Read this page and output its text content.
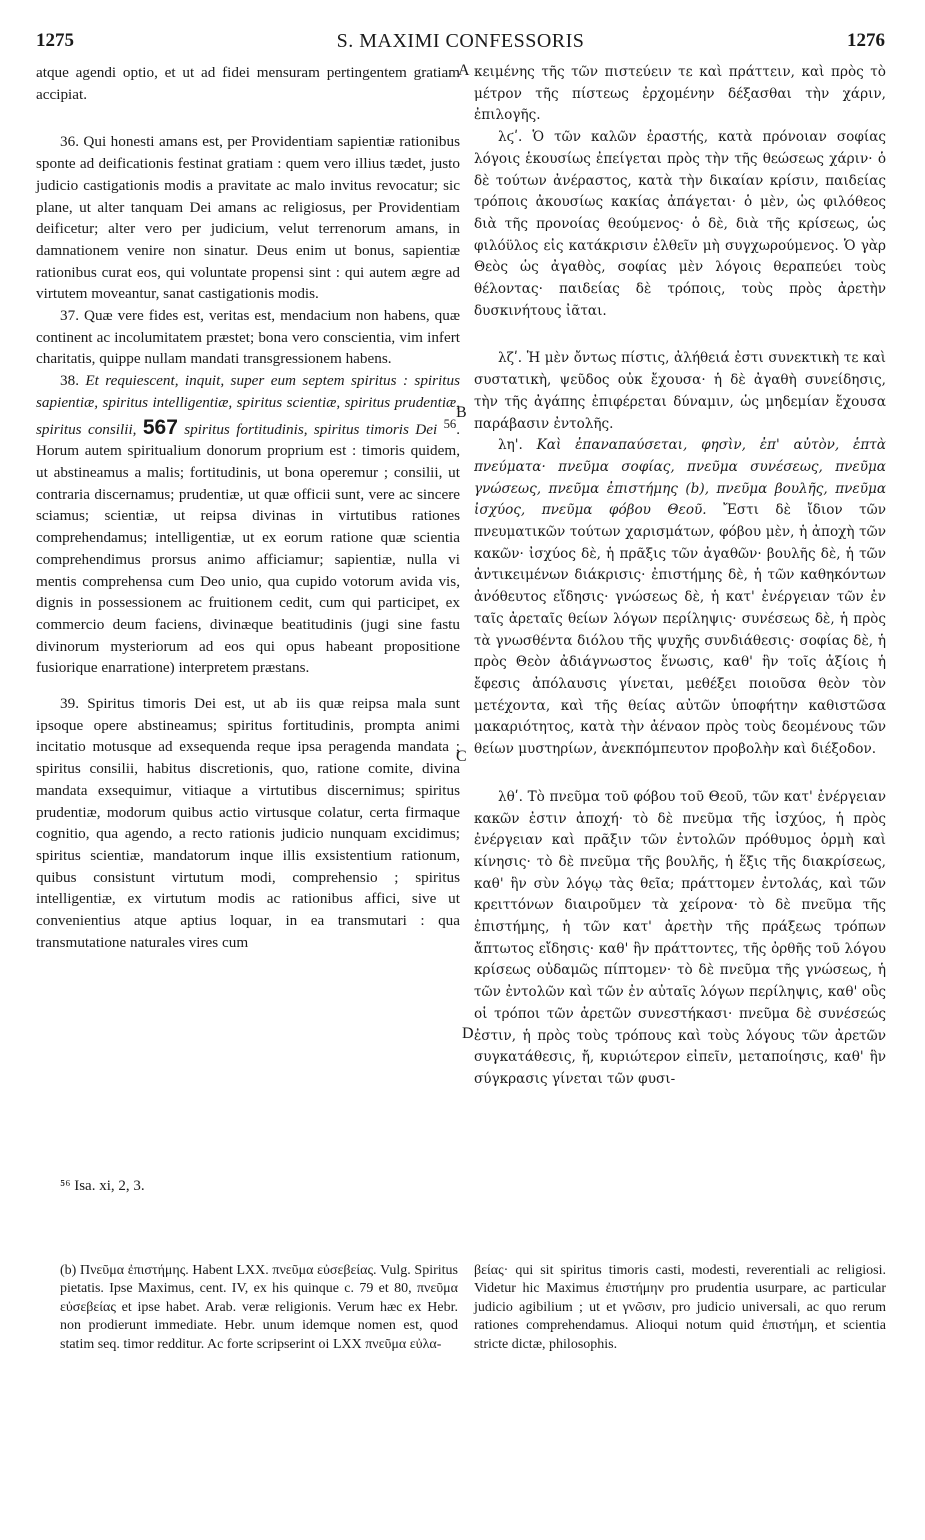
1275	S. MAXIMI CONFESSORIS	1276
A
B
C
D

atque agendi optio, et ut ad fidei mensuram pertingentem gratiam accipiat.

36. Qui honesti amans est, per Providentiam sapientiæ rationibus sponte ad deificationis festinat gratiam : quem vero illius tædet, justo judicio castigationis modis a pravitate ac malo invitus revocatur; sic plane, ut alter tanquam Dei amans ac religiosus, per Providentiam deificetur; alter vero per judicium, velut terrenorum amans, in damnationem venire non sinatur. Deus enim ut bonus, sapientiæ rationibus curat eos, qui voluntate propensi sint : qui autem ægre ad virtutem moveantur, sanat castigationis modis.

37. Quæ vere fides est, veritas est, mendacium non habens, quæ continent ac incolumitatem præstet; bona vero conscientia, vim infert charitatis, quippe nullam mandati transgressionem habens.

38. Et requiescent, inquit, super eum septem spiritus : spiritus sapientiæ, spiritus intelligentiæ, spiritus scientiæ, spiritus prudentiæ, spiritus consilii, 567 spiritus fortitudinis, spiritus timoris Dei $^{56}$. Horum autem spiritualium donorum proprium est : timoris quidem, ut abstineamus a malis; fortitudinis, ut bona operemur ; consilii, ut contraria discernamus; prudentiæ, ut quæ officii sunt, vere ac sincere sciamus; scientiæ, ut reipsa divinas in virtutibus rationes comprehendamus; intelligentiæ, ut ex eorum ratione quæ scientia comprehendimus prorsus animo afficiamur; sapientiæ, nulla vi mentis comprehensa cum Deo unio, qua cupido votorum avida vis, dignis in possessionem ac fruitionem cedit, cum qui participet, ex commercio deum faciens, divinæque beatitudinis (jugi sine fastu divinorum mysteriorum ad eos qui opus habeant propositione fusiorique enarratione) interpretem præstans.

39. Spiritus timoris Dei est, ut ab iis quæ reipsa mala sunt ipsoque opere abstineamus; spiritus fortitudinis, prompta animi incitatio motusque ad exsequenda reque ipsa peragenda mandata ; spiritus consilii, habitus discretionis, quo, ratione comite, divina mandata exsequimur, vitiaque a virtutibus discernimus; spiritus prudentiæ, modorum quibus actio virtusque colatur, certa firmaque cognitio, qua agendo, a recto rationis judicio nunquam excidimus; spiritus scientiæ, mandatorum inque illis exsistentium rationum, quibus consistunt virtutum modi, comprehensio ; spiritus intelligentiæ, ex virtutum modis ac rationibus affici, sive ut convenientius atque aptius loquar, in ea transmutari : qua transmutatione naturales vires cum

κειμένης τῆς τῶν πιστεύειν τε καὶ πράττειν, καὶ πρὸς τὸ μέτρον τῆς πίστεως ἐρχομένην δέξασθαι τὴν χάριν, ἐπιλογῆς.

λϛʹ. Ὁ τῶν καλῶν ἐραστής, κατὰ πρόνοιαν σοφίας λόγοις ἑκουσίως ἐπείγεται πρὸς τὴν τῆς θεώσεως χάριν· ὁ δὲ τούτων ἀνέραστος, κατὰ τὴν δικαίαν κρίσιν, παιδείας τρόποις ἀκουσίως κακίας ἀπάγεται· ὁ μὲν, ὡς φιλόθεος διὰ τῆς προνοίας θεούμενος· ὁ δὲ, διὰ τῆς κρίσεως, ὡς φιλόϋλος εἰς κατάκρισιν ἐλθεῖν μὴ συγχωρούμενος. Ὁ γὰρ Θεὸς ὡς ἀγαθὸς, σοφίας μὲν λόγοις θεραπεύει τοὺς θέλοντας· παιδείας δὲ τρόποις, τοὺς πρὸς ἀρετὴν δυσκινήτους ἰᾶται.

λζʹ. Ἡ μὲν ὄντως πίστις, ἀλήθειά ἐστι συνεκτικὴ τε καὶ συστατικὴ, ψεῦδος οὐκ ἔχουσα· ἡ δὲ ἀγαθὴ συνείδησις, τὴν τῆς ἀγάπης ἐπιφέρεται δύναμιν, ὡς μηδεμίαν ἔχουσα παράβασιν ἐντολῆς.

λη'. Καὶ ἐπαναπαύσεται, φησὶν, ἐπ' αὐτὸν, ἑπτὰ πνεύματα· πνεῦμα σοφίας, πνεῦμα συνέσεως, πνεῦμα γνώσεως, πνεῦμα ἐπιστήμης (b), πνεῦμα βουλῆς, πνεῦμα ἰσχύος, πνεῦμα φόβου Θεοῦ. Ἔστι δὲ ἴδιον τῶν πνευματικῶν τούτων χαρισμάτων, φόβου μὲν, ἡ ἀποχὴ τῶν κακῶν· ἰσχύος δὲ, ἡ πρᾶξις τῶν ἀγαθῶν· βουλῆς δὲ, ἡ τῶν ἀντικειμένων διάκρισις· ἐπιστήμης δὲ, ἡ τῶν καθηκόντων ἀνόθευτος εἴδησις· γνώσεως δὲ, ἡ κατ' ἐνέργειαν τῶν ἐν ταῖς ἀρεταῖς θείων λόγων περίληψις· συνέσεως δὲ, ἡ πρὸς τὰ γνωσθέντα διόλου τῆς ψυχῆς συνδιάθεσις· σοφίας δὲ, ἡ πρὸς Θεὸν ἀδιάγνωστος ἕνωσις, καθ' ἣν τοῖς ἀξίοις ἡ ἔφεσις ἀπόλαυσις γίνεται, μεθέξει ποιοῦσα θεὸν τὸν μετέχοντα, καὶ τῆς θείας αὐτῶν ὑποφήτην καθιστῶσα μακαριότητος, κατὰ τὴν ἀέναον πρὸς τοὺς δεομένους τῶν θείων μυστηρίων, ἀνεκπόμπευτον προβολὴν καὶ διέξοδον.

λθʹ. Τὸ πνεῦμα τοῦ φόβου τοῦ Θεοῦ, τῶν κατ' ἐνέργειαν κακῶν ἐστιν ἀποχή· τὸ δὲ πνεῦμα τῆς ἰσχύος, ἡ πρὸς ἐνέργειαν καὶ πρᾶξιν τῶν ἐντολῶν πρόθυμος ὁρμὴ καὶ κίνησις· τὸ δὲ πνεῦμα τῆς βουλῆς, ἡ ἕξις τῆς διακρίσεως, καθ' ἣν σὺν λόγῳ τὰς θεῖα; πράττομεν ἐντολάς, καὶ τῶν κρειττόνων διαιροῦμεν τὰ χείρονα· τὸ δὲ πνεῦμα τῆς ἐπιστήμης, ἡ τῶν κατ' ἀρετὴν τῆς πράξεως τρόπων ἄπτωτος εἴδησις· καθ' ἣν πράττοντες, τῆς ὀρθῆς τοῦ λόγου κρίσεως οὐδαμῶς πίπτομεν· τὸ δὲ πνεῦμα τῆς γνώσεως, ἡ τῶν ἐντολῶν καὶ τῶν ἐν αὐταῖς λόγων περίληψις, καθ' οὓς οἱ τρόποι τῶν ἀρετῶν συνεστήκασι· πνεῦμα δὲ συνέσεώς ἐστιν, ἡ πρὸς τοὺς τρόπους καὶ τοὺς λόγους τῶν ἀρετῶν συγκατάθεσις, ἤ, κυριώτερον εἰπεῖν, μεταποίησις, καθ' ἣν σύγκρασις γίνεται τῶν φυσι-

⁵⁶ Isa. xi, 2, 3.
(b) Πνεῦμα ἐπιστήμης. Habent LXX. πνεῦμα εὐσεβείας. Vulg. Spiritus pietatis. Ipse Maximus, cent. IV, ex his quinque c. 79 et 80, πνεῦμα εὐσεβείας et ipse habet. Arab. veræ religionis. Verum hæc ex Hebr. non prodierunt immediate. Hebr. unum idemque nomen est, quod statim seq. timor redditur. Ac forte scripserint oi LXX πνεῦμα εὐλα-
βείας· qui sit spiritus timoris casti, modesti, reverentiali ac religiosi. Videtur hic Maximus ἐπιστήμην pro prudentia usurpare, ac particular judicio agibilium ; ut et γνῶσιν, pro judicio universali, ac quo rerum rationes comprehendamus. Alioqui notum quid ἐπιστήμη, et scientia stricte dictæ, philosophis.
